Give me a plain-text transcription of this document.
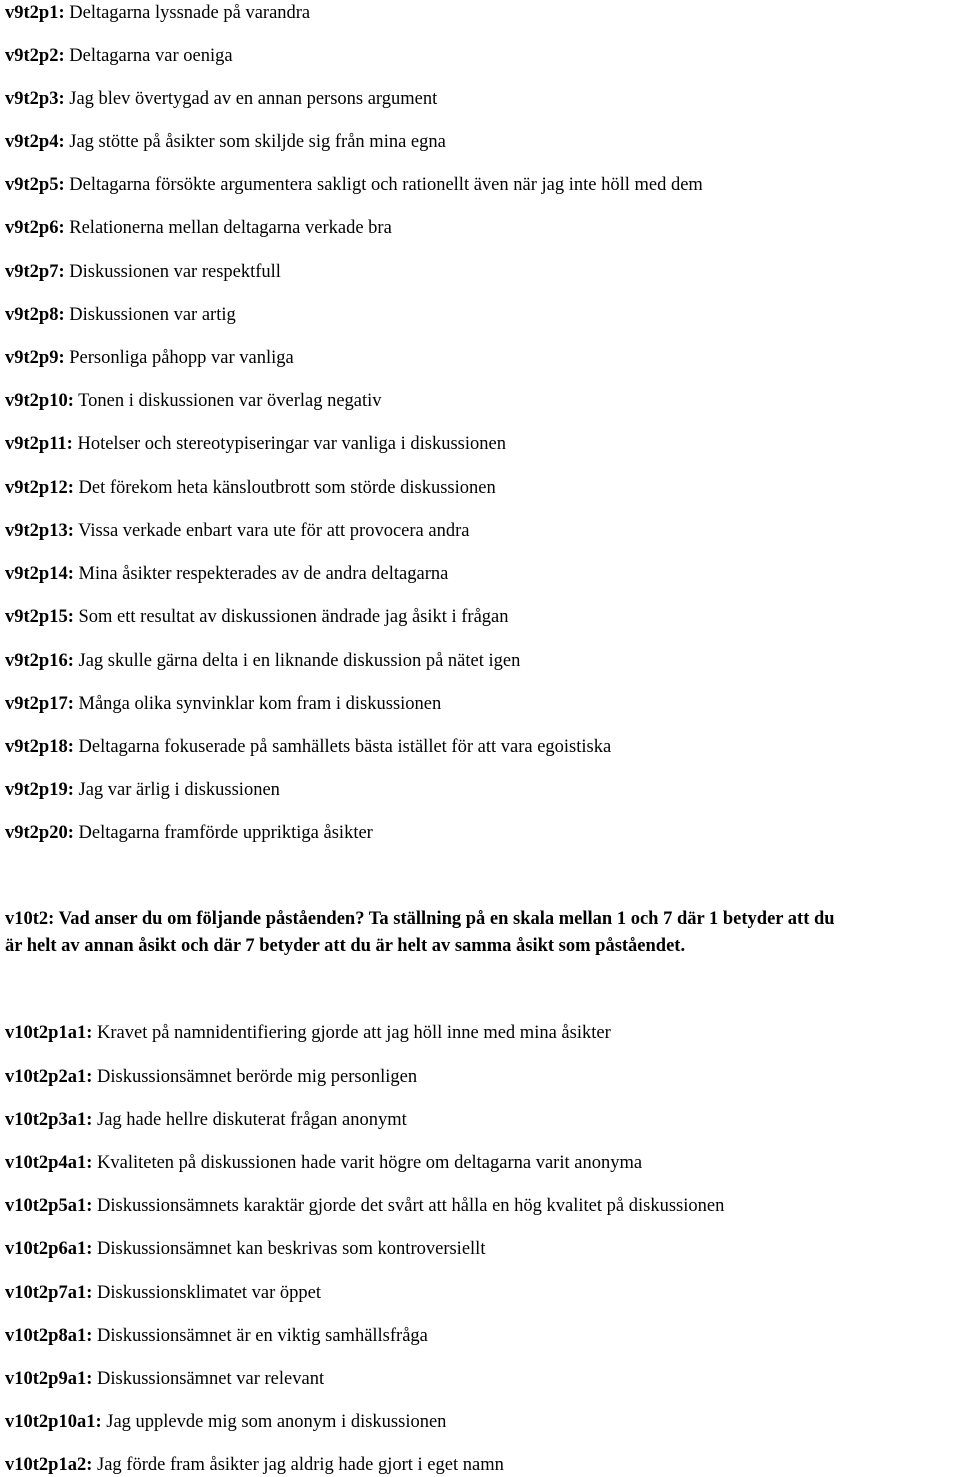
v9t2p1: Deltagarna lyssnade på varandra
v9t2p2: Deltagarna var oeniga
v9t2p3: Jag blev övertygad av en annan persons argument
v9t2p4: Jag stötte på åsikter som skiljde sig från mina egna
v9t2p5: Deltagarna försökte argumentera sakligt och rationellt även när jag inte höll med dem
v9t2p6: Relationerna mellan deltagarna verkade bra
v9t2p7: Diskussionen var respektfull
v9t2p8: Diskussionen var artig
v9t2p9: Personliga påhopp var vanliga
v9t2p10: Tonen i diskussionen var överlag negativ
v9t2p11: Hotelser och stereotypiseringar var vanliga i diskussionen
v9t2p12: Det förekom heta känsloutbrott som störde diskussionen
v9t2p13: Vissa verkade enbart vara ute för att provocera andra
v9t2p14: Mina åsikter respekterades av de andra deltagarna
v9t2p15: Som ett resultat av diskussionen ändrade jag åsikt i frågan
v9t2p16: Jag skulle gärna delta i en liknande diskussion på nätet igen
v9t2p17: Många olika synvinklar kom fram i diskussionen
v9t2p18: Deltagarna fokuserade på samhällets bästa istället för att vara egoistiska
v9t2p19: Jag var ärlig i diskussionen
v9t2p20: Deltagarna framförde uppriktiga åsikter
v10t2: Vad anser du om följande påståenden? Ta ställning på en skala mellan 1 och 7 där 1 betyder att du
är helt av annan åsikt och där 7 betyder att du är helt av samma åsikt som påståendet.
v10t2p1a1: Kravet på namnidentifiering gjorde att jag höll inne med mina åsikter
v10t2p2a1: Diskussionsämnet berörde mig personligen
v10t2p3a1: Jag hade hellre diskuterat frågan anonymt
v10t2p4a1: Kvaliteten på diskussionen hade varit högre om deltagarna varit anonyma
v10t2p5a1: Diskussionsämnets karaktär gjorde det svårt att hålla en hög kvalitet på diskussionen
v10t2p6a1: Diskussionsämnet kan beskrivas som kontroversiellt
v10t2p7a1: Diskussionsklimatet var öppet
v10t2p8a1: Diskussionsämnet är en viktig samhällsfråga
v10t2p9a1: Diskussionsämnet var relevant
v10t2p10a1: Jag upplevde mig som anonym i diskussionen
v10t2p1a2: Jag förde fram åsikter jag aldrig hade gjort i eget namn
